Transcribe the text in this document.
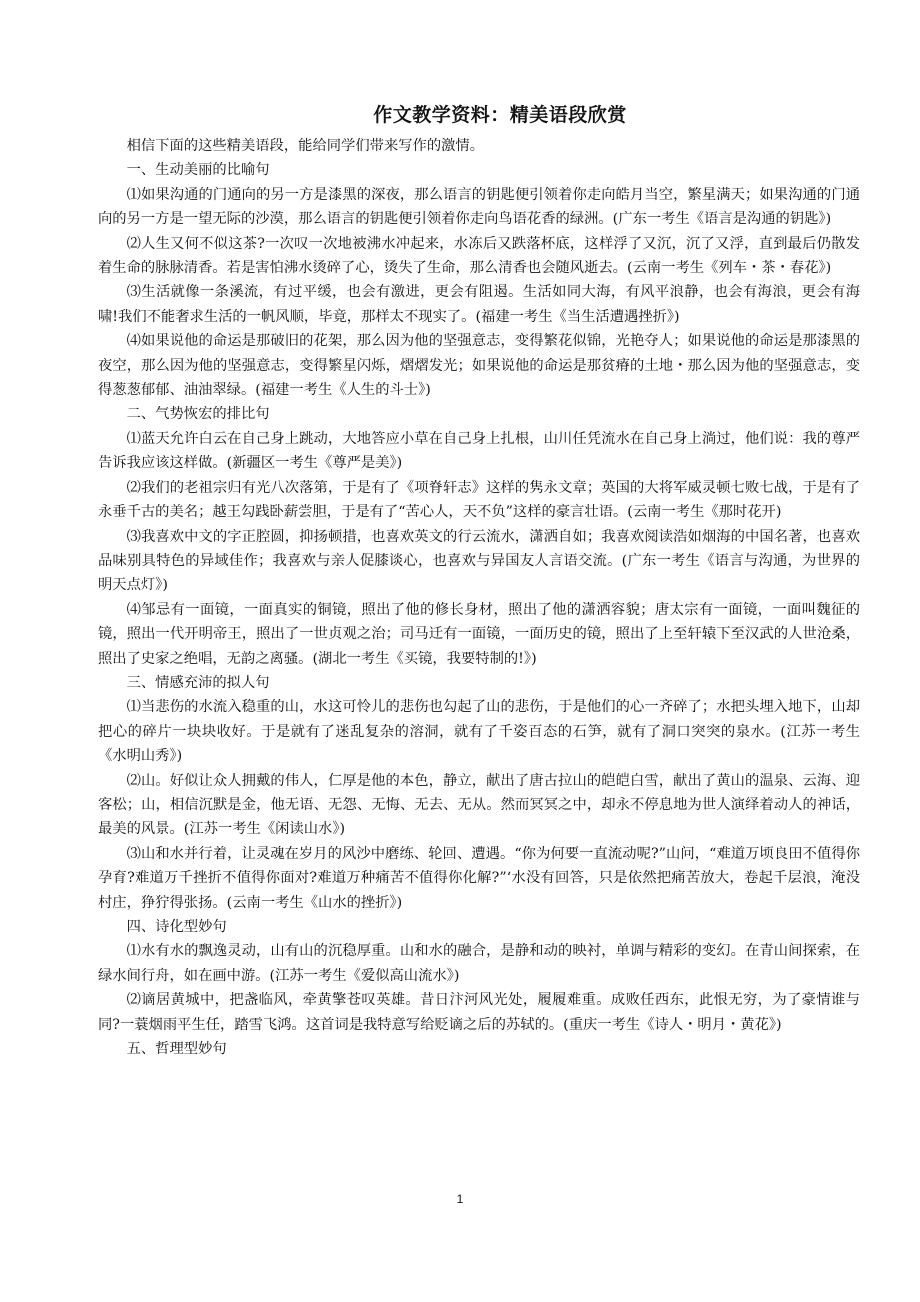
作文教学资料：精美语段欣赏

相信下面的这些精美语段，能给同学们带来写作的激情。

一、生动美丽的比喻句

⑴如果沟通的门通向的另一方是漆黑的深夜，那么语言的钥匙便引领着你走向皓月当空，繁星满天；如果沟通的门通向的另一方是一望无际的沙漠，那么语言的钥匙便引领着你走向鸟语花香的绿洲。(广东一考生《语言是沟通的钥匙》)

⑵人生又何不似这茶?一次叹一次地被沸水冲起来，水冻后又跌落杯底，这样浮了又沉，沉了又浮，直到最后仍散发着生命的脉脉清香。若是害怕沸水烫碎了心，烫失了生命，那么清香也会随风逝去。(云南一考生《列车・茶・春花》)

⑶生活就像一条溪流，有过平缓，也会有激进，更会有阻遏。生活如同大海，有风平浪静，也会有海浪，更会有海啸!我们不能奢求生活的一帆风顺，毕竟，那样太不现实了。(福建一考生《当生活遭遇挫折》)

⑷如果说他的命运是那破旧的花架，那么因为他的坚强意志，变得繁花似锦，光艳夺人；如果说他的命运是那漆黑的夜空，那么因为他的坚强意志，变得繁星闪烁，熠熠发光；如果说他的命运是那贫瘠的土地・那么因为他的坚强意志，变得葱葱郁郁、油油翠绿。(福建一考生《人生的斗士》)

二、气势恢宏的排比句

⑴蓝天允许白云在自己身上跳动，大地答应小草在自己身上扎根，山川任凭流水在自己身上淌过，他们说：我的尊严告诉我应该这样做。(新疆区一考生《尊严是美》)

⑵我们的老祖宗归有光八次落第，于是有了《项脊轩志》这样的隽永文章；英国的大将军威灵顿七败七战，于是有了永垂千古的美名；越王勾践卧薪尝胆，于是有了“苦心人，天不负”这样的豪言壮语。(云南一考生《那时花开)

⑶我喜欢中文的字正腔圆，抑扬顿措，也喜欢英文的行云流水，潇洒自如；我喜欢阅读浩如烟海的中国名著，也喜欢品味别具特色的异域佳作；我喜欢与亲人促膝谈心，也喜欢与异国友人言语交流。(广东一考生《语言与沟通，为世界的明天点灯》)

⑷邹忌有一面镜，一面真实的铜镜，照出了他的修长身材，照出了他的潇洒容貌；唐太宗有一面镜，一面叫魏征的镜，照出一代开明帝王，照出了一世贞观之治；司马迁有一面镜，一面历史的镜，照出了上至轩辕下至汉武的人世沧桑，照出了史家之绝唱，无韵之离骚。(湖北一考生《买镜，我要特制的!》)

三、情感充沛的拟人句

⑴当悲伤的水流入稳重的山，水这可怜儿的悲伤也勾起了山的悲伤，于是他们的心一齐碎了；水把头埋入地下，山却把心的碎片一块块收好。于是就有了迷乱复杂的溶洞，就有了千姿百态的石笋，就有了洞口突突的泉水。(江苏一考生《水明山秀》)

⑵山。好似让众人拥戴的伟人，仁厚是他的本色，静立，献出了唐古拉山的皑皑白雪，献出了黄山的温泉、云海、迎客松；山，相信沉默是金，他无语、无怨、无悔、无去、无从。然而冥冥之中，却永不停息地为世人演绎着动人的神话，最美的风景。(江苏一考生《闲读山水》)

⑶山和水并行着，让灵魂在岁月的风沙中磨练、轮回、遭遇。“你为何要一直流动呢?”山问，“难道万顷良田不值得你孕育?难道万千挫折不值得你面对?难道万种痛苦不值得你化解?”‘水没有回答，只是依然把痛苦放大，卷起千层浪，淹没村庄，狰狞得张扬。(云南一考生《山水的挫折》)

四、诗化型妙句

⑴水有水的飘逸灵动，山有山的沉稳厚重。山和水的融合，是静和动的映衬，单调与精彩的变幻。在青山间探索，在绿水间行舟，如在画中游。(江苏一考生《爱似高山流水》)

⑵谪居黄城中，把盏临风，牵黄擎苍叹英雄。昔日汴河风光处，履履难重。成败任西东，此恨无穷，为了豪情谁与同?一蓑烟雨平生任，踏雪飞鸿。这首词是我特意写给贬谪之后的苏轼的。(重庆一考生《诗人・明月・黄花》)

五、哲理型妙句

1
